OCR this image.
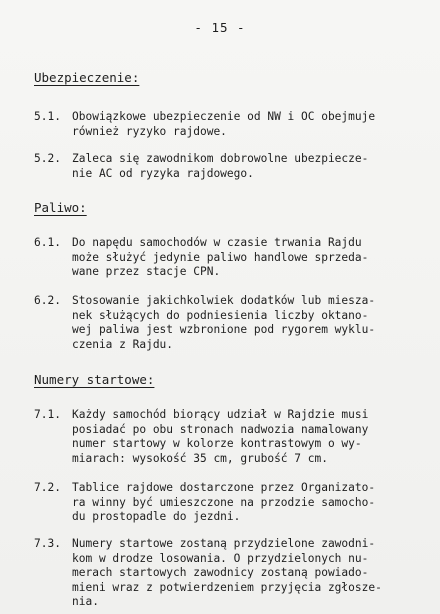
- 15 -
Ubezpieczenie:
5.1. Obowiązkowe ubezpieczenie od NW i OC obejmuje
również ryzyko rajdowe.
5.2. Zaleca się zawodnikom dobrowolne ubezpiecze-
nie AC od ryzyka rajdowego.
Paliwo:
6.1. Do napędu samochodów w czasie trwania Rajdu
może służyć jedynie paliwo handlowe sprzeda-
wane przez stacje CPN.
6.2. Stosowanie jakichkolwiek dodatków lub miesza-
nek służących do podniesienia liczby oktano-
wej paliwa jest wzbronione pod rygorem wyklu-
czenia z Rajdu.
Numery startowe:
7.1. Każdy samochód biorący udział w Rajdzie musi
posiadać po obu stronach nadwozia namalowany
numer startowy w kolorze kontrastowym o wy-
miarach: wysokość 35 cm, grubość 7 cm.
7.2. Tablice rajdowe dostarczone przez Organizato-
ra winny być umieszczone na przodzie samocho-
du prostopadle do jezdni.
7.3. Numery startowe zostaną przydzielone zawodni-
kom w drodze losowania. O przydzielonych nu-
merach startowych zawodnicy zostaną powiado-
mieni wraz z potwierdzeniem przyjęcia zgłosze-
nia.
